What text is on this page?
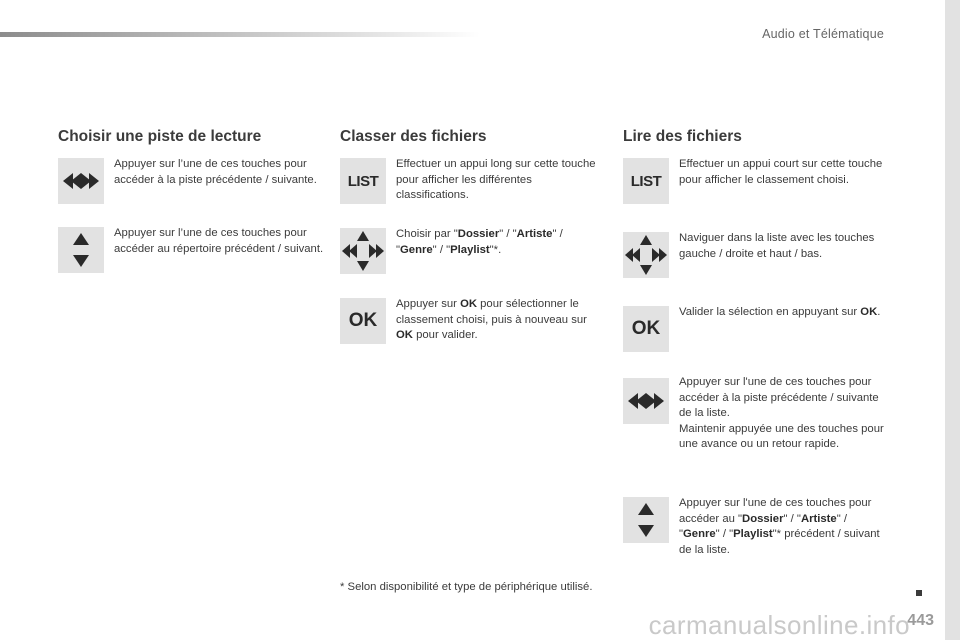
Audio et Télématique
carmanualsonline.info
443
Choisir une piste de lecture
Appuyer sur l’une de ces touches pour accéder à la piste précédente / suivante.
Appuyer sur l’une de ces touches pour accéder au répertoire précédent / suivant.
Classer des fichiers
LIST
Effectuer un appui long sur cette touche pour afficher les différentes classifications.
Choisir par "Dossier" / "Artiste" / "Genre" / "Playlist"*.
OK
Appuyer sur OK pour sélectionner le classement choisi, puis à nouveau sur OK pour valider.
Lire des fichiers
LIST
Effectuer un appui court sur cette touche pour afficher le classement choisi.
Naviguer dans la liste avec les touches gauche / droite et haut / bas.
OK
Valider la sélection en appuyant sur OK.
Appuyer sur l'une de ces touches pour accéder à la piste précédente / suivante de la liste.
Maintenir appuyée une des touches pour une avance ou un retour rapide.
Appuyer sur l'une de ces touches pour accéder au "Dossier" / "Artiste" / "Genre" / "Playlist"* précédent / suivant de la liste.
* Selon disponibilité et type de périphérique utilisé.
